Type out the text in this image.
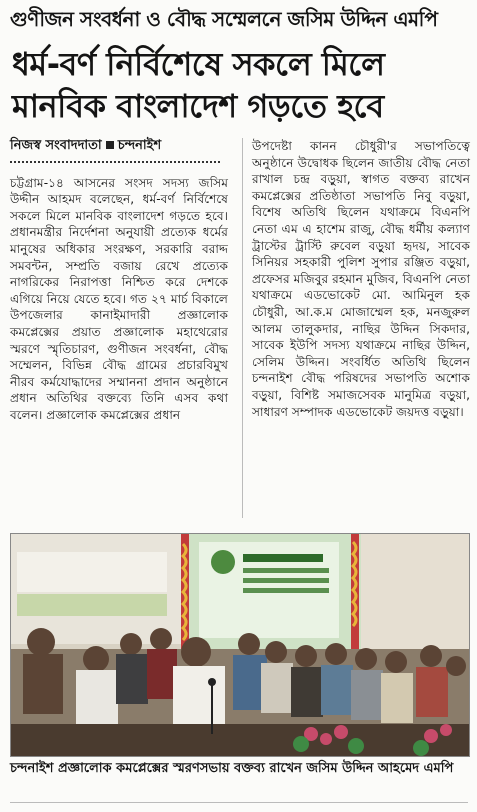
গুণীজন সংবর্ধনা ও বৌদ্ধ সম্মেলনে জসিম উদ্দিন এমপি
ধর্ম-বর্ণ নির্বিশেষে সকলে মিলে
মানবিক বাংলাদেশ গড়তে হবে

নিজস্ব সংবাদদাতা চন্দনাইশ

চট্টগ্রাম-১৪ আসনের সংসদ সদস্য জসিম উদ্দীন আহমদ বলেছেন, ধর্ম-বর্ণ নির্বিশেষে সকলে মিলে মানবিক বাংলাদেশ গড়তে হবে। প্রধানমন্ত্রীর নির্দেশনা অনুযায়ী প্রত্যেক ধর্মের মানুষের অধিকার সংরক্ষণ, সরকারি বরাদ্দ সমবন্টন, সম্প্রতি বজায় রেখে প্রত্যেক নাগরিকের নিরাপত্তা নিশ্চিত করে দেশকে এগিয়ে নিয়ে যেতে হবে। গত ২৭ মার্চ বিকালে উপজেলার কানাইমাদারী প্রজ্ঞালোক কমপ্লেক্সের প্রয়াত প্রজ্ঞালোক মহাথেরোর স্মরণে স্মৃতিচারণ, গুণীজন সংবর্ধনা, বৌদ্ধ সম্মেলন, বিভিন্ন বৌদ্ধ গ্রামের প্রচারবিমুখ নীরব কর্মযোদ্ধাদের সম্মাননা প্রদান অনুষ্ঠানে প্রধান অতিথির বক্তব্যে তিনি এসব কথা বলেন। প্রজ্ঞালোক কমপ্লেক্সের প্রধান

উপদেষ্টা কানন চৌধুরী'র সভাপতিত্বে অনুষ্ঠানে উদ্বোধক ছিলেন জাতীয় বৌদ্ধ নেতা রাখাল চন্দ্র বড়ুয়া, স্বাগত বক্তব্য রাখেন কমপ্লেক্সের প্রতিষ্ঠাতা সভাপতি নিবু বড়ুয়া, বিশেষ অতিথি ছিলেন যথাক্রমে বিএনপি নেতা এম এ হাশেম রাজু, বৌদ্ধ ধর্মীয় কল্যাণ ট্রাস্টের ট্রাস্টি রুবেল বড়ুয়া হৃদয়, সাবেক সিনিয়র সহকারী পুলিশ সুপার রঞ্জিত বড়ুয়া, প্রফেসর মজিবুর রহমান মুজিব, বিএনপি নেতা যথাক্রমে এডভোকেট মো. আমিনুল হক চৌধুরী, আ.ক.ম মোজাম্মেল হক, মনজুরুল আলম তালুকদার, নাছির উদ্দিন সিকদার, সাবেক ইউপি সদস্য যথাক্রমে নাছির উদ্দিন, সেলিম উদ্দিন। সংবর্ধিত অতিথি ছিলেন চন্দনাইশ বৌদ্ধ পরিষদের সভাপতি অশোক বড়ুয়া, বিশিষ্ট সমাজসেবক মানুমিত্র বড়ুয়া, সাধারণ সম্পাদক এডভোকেট জয়দত্ত বড়ুয়া।

চন্দনাইশ প্রজ্ঞালোক কমপ্লেক্সের স্মরণসভায় বক্তব্য রাখেন জসিম উদ্দিন আহমেদ এমপি
